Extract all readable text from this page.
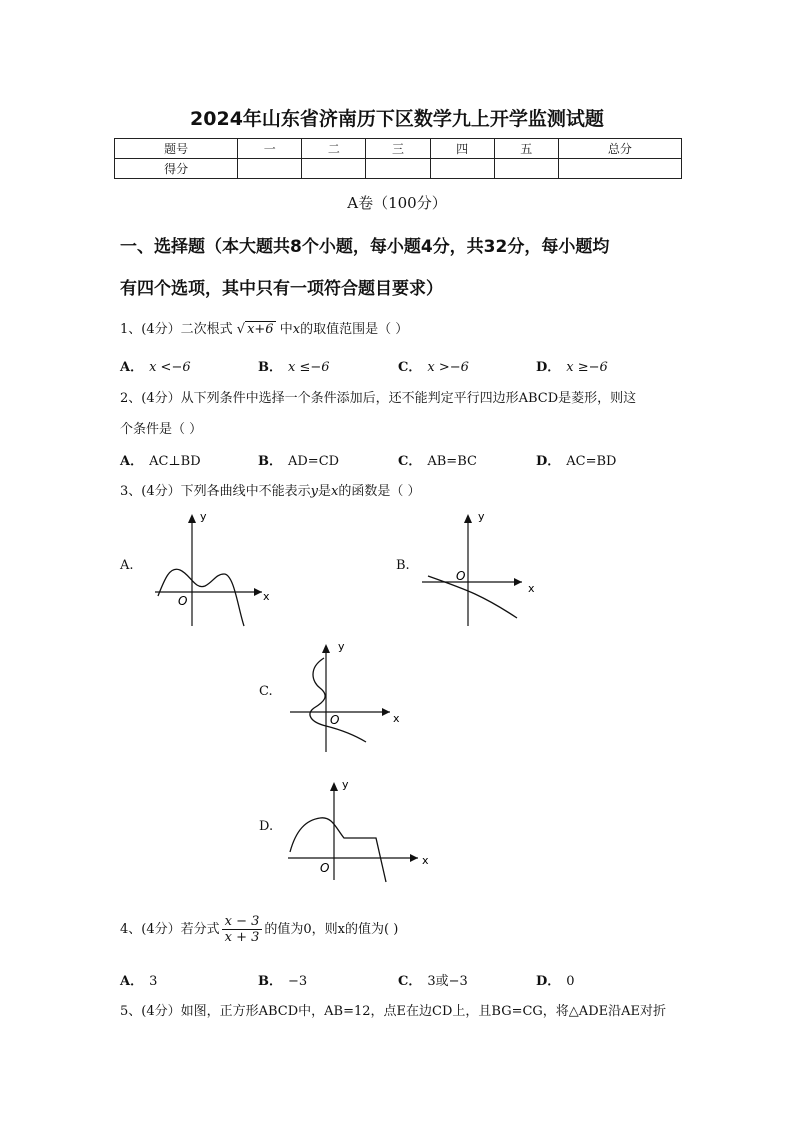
2024年山东省济南历下区数学九上开学监测试题
题号	一	二	三	四	五	总分
得分						
A卷（100分）
一、选择题（本大题共8个小题，每小题4分，共32分，每小题均
有四个选项，其中只有一项符合题目要求）
1、(4分）二次根式 √ x+6 中x的取值范围是（ ）
A． x <−6	B． x ≤−6	C． x >−6	D． x ≥−6
2、(4分）从下列条件中选择一个条件添加后，还不能判定平行四边形ABCD是菱形，则这
个条件是（ ）
A． AC⊥BD	B． AD=CD	C． AB=BC	D． AC=BD
3、(4分）下列各曲线中不能表示y是x的函数是（ ）
A.
y
x
O
B.
y
x
O
C.
y
x
O
D.
y
x
O
4、(4分）若分式 $\frac{x - 3}{x + 3}$ 的值为0，则x的值为( )
A． 3	B． −3	C． 3或−3	D． 0
5、(4分）如图，正方形ABCD中，AB=12，点E在边CD上，且BG=CG，将△ADE沿AE对折
